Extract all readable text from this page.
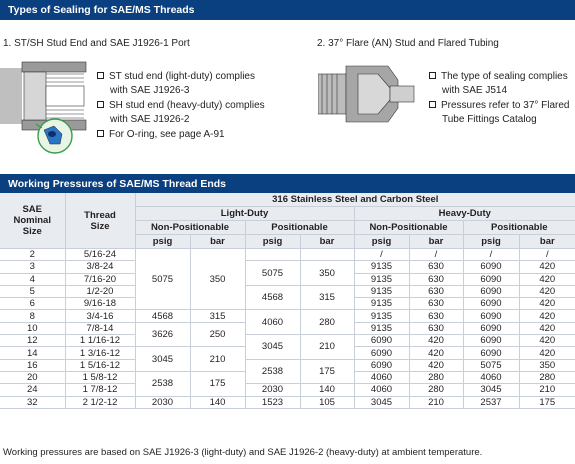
Types of Sealing for SAE/MS Threads
1. ST/SH Stud End and SAE J1926-1 Port	2. 37° Flare (AN) Stud and Flared Tubing
ST stud end (light-duty) complies
with SAE J1926-3
SH stud end (heavy-duty) complies
with SAE J1926-2
For O-ring, see page A-91
The type of sealing complies
with SAE J514
Pressures refer to 37° Flared
Tube Fittings Catalog
Working Pressures of SAE/MS Thread Ends
SAE
Nominal
Size	Thread
Size	316 Stainless Steel and Carbon Steel							
		Light-Duty				Heavy-Duty			
		Non-Positionable		Positionable		Non-Positionable		Positionable	
		psig	bar	psig	bar	psig	bar	psig	bar
2	5/16-24	5075	350			/	/	/	/
3	3/8-24			5075	350	9135	630	6090	420
4	7/16-20					9135	630	6090	420
5	1/2-20			4568	315	9135	630	6090	420
6	9/16-18					9135	630	6090	420
8	3/4-16	4568	315	4060	280	9135	630	6090	420
10	7/8-14	3626	250			9135	630	6090	420
12	1 1/16-12			3045	210	6090	420	6090	420
14	1 3/16-12	3045	210			6090	420	6090	420
16	1 5/16-12			2538	175	6090	420	5075	350
20	1 5/8-12	2538	175			4060	280	4060	280
24	1 7/8-12			2030	140	4060	280	3045	210
32	2 1/2-12	2030	140	1523	105	3045	210	2537	175
Working pressures are based on SAE J1926-3 (light-duty) and SAE J1926-2 (heavy-duty) at ambient temperature.
